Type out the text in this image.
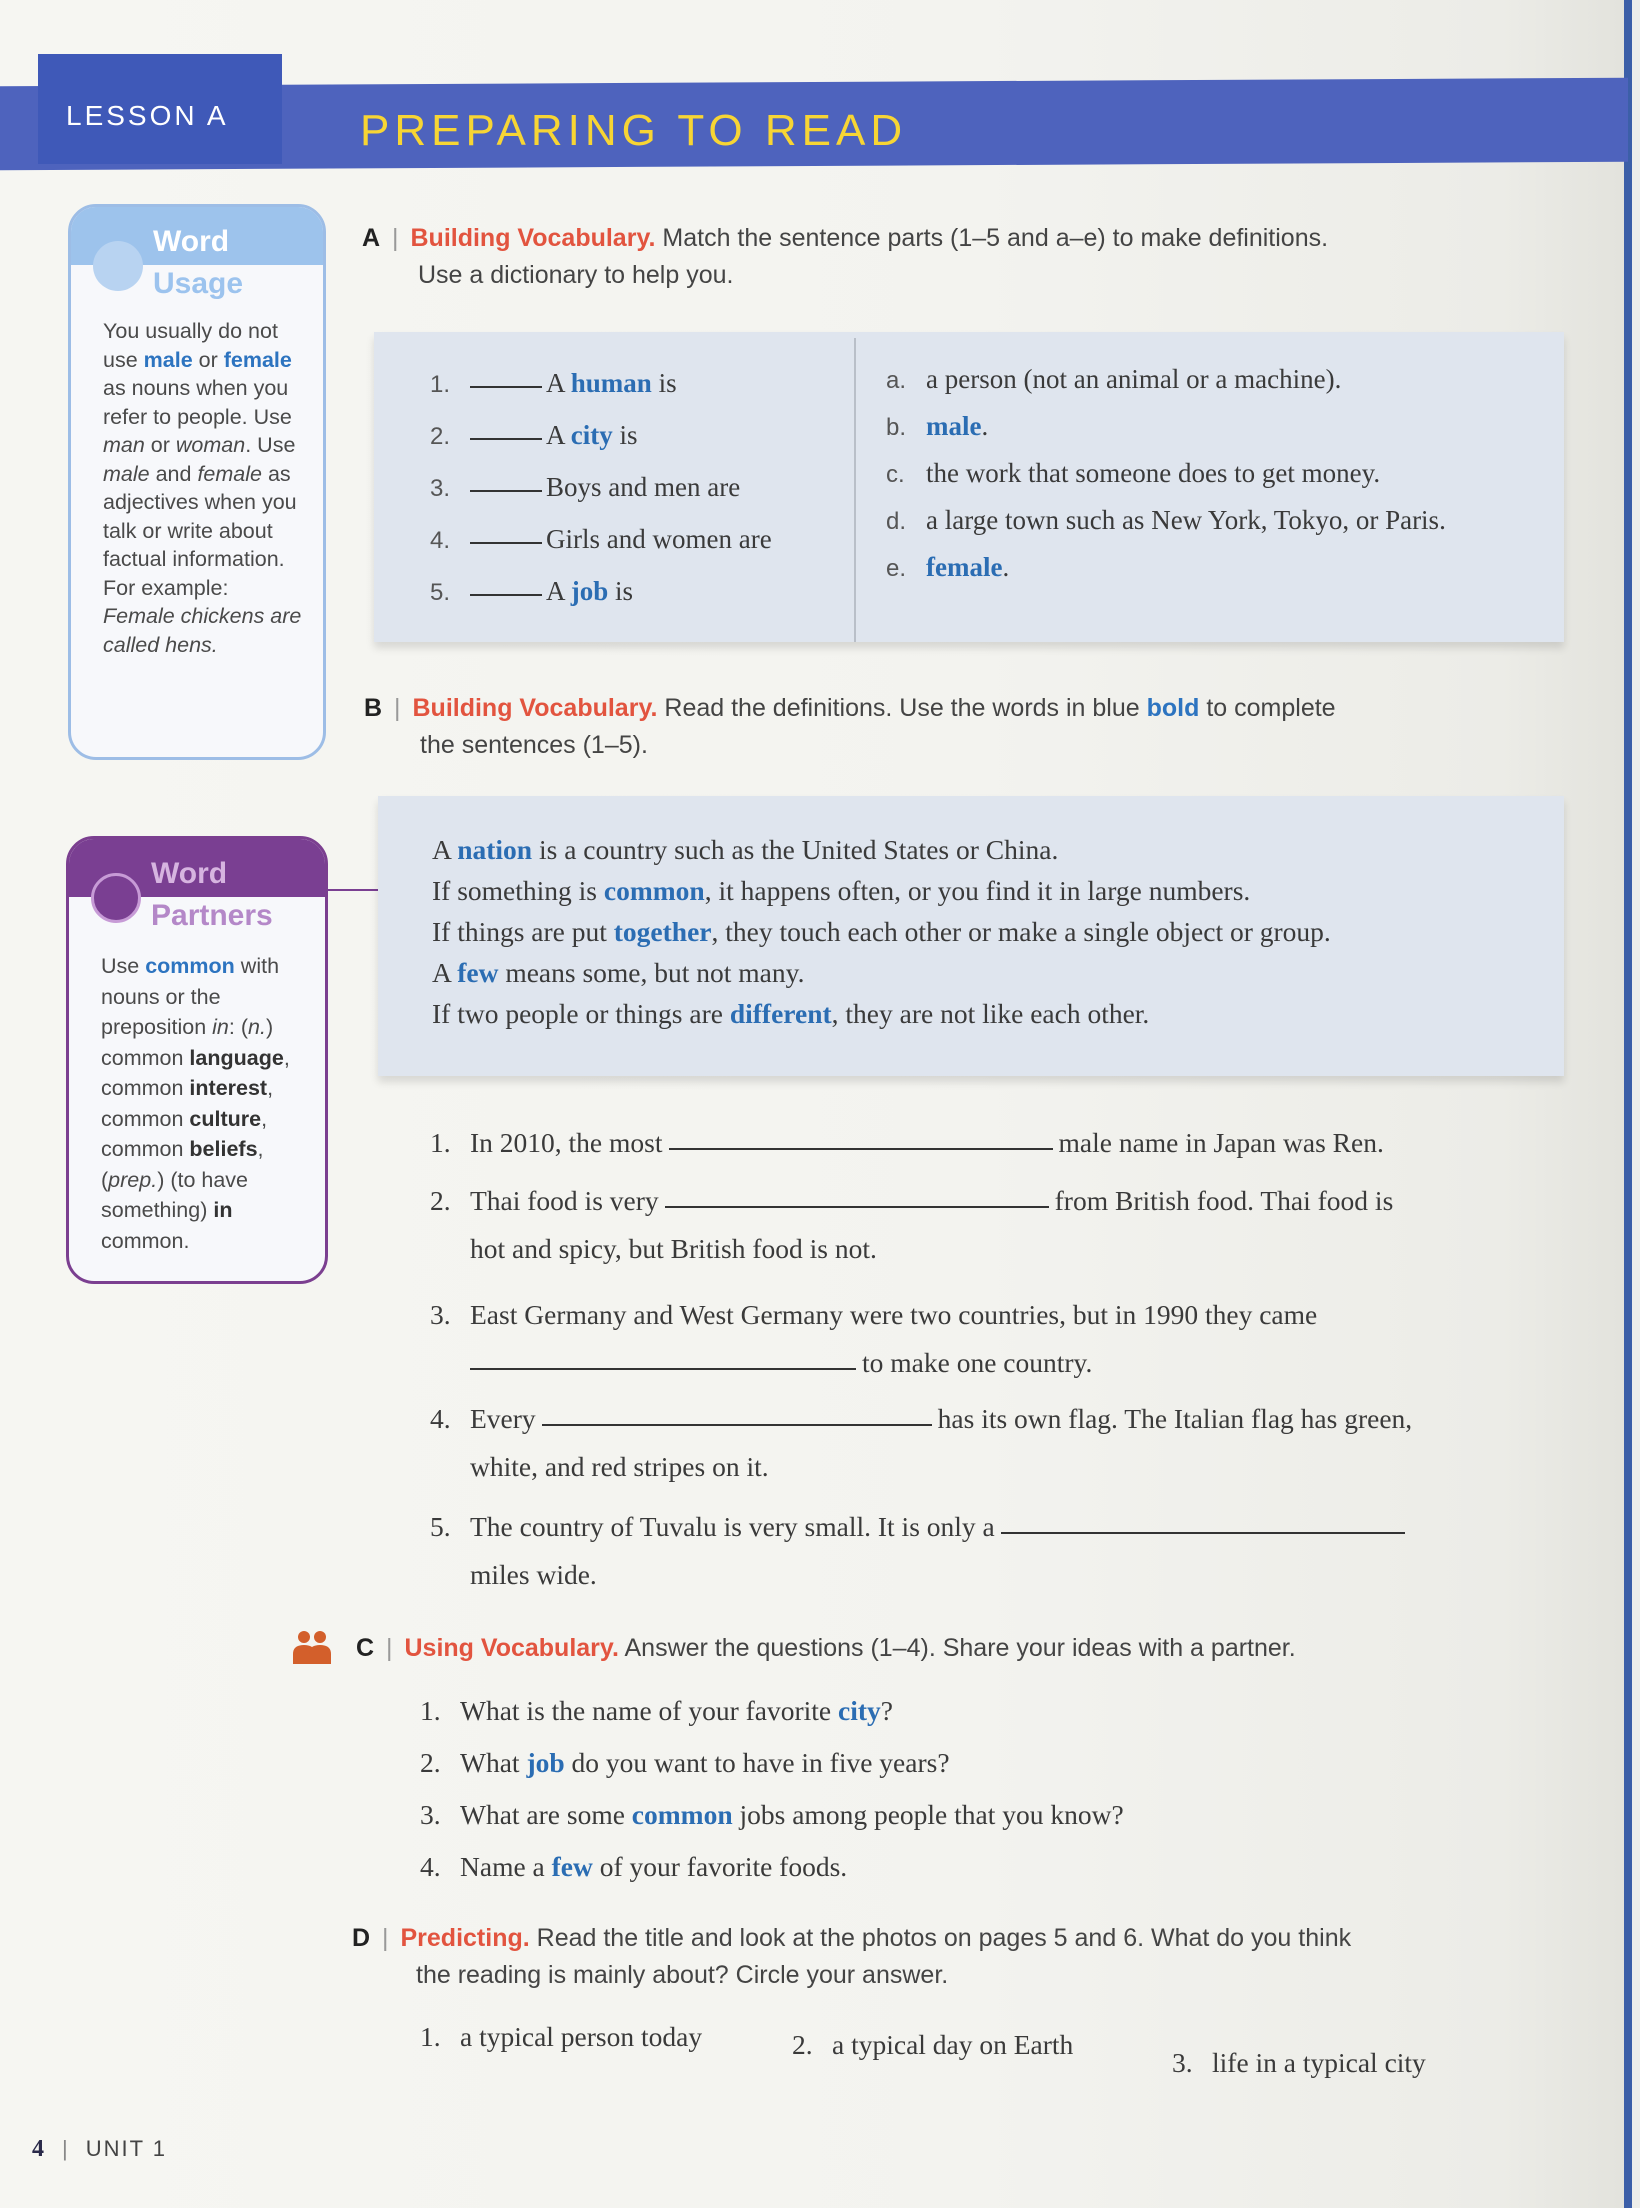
LESSON A	PREPARING TO READ
Word
Usage
You usually do not use male or female as nouns when you refer to people. Use man or woman. Use male and female as adjectives when you talk or write about factual information. For example: Female chickens are called hens.
Word
Partners
Use common with nouns or the preposition in: (n.) common language, common interest, common culture, common beliefs, (prep.) (to have something) in common.
A | Building Vocabulary. Match the sentence parts (1–5 and a–e) to make definitions.
Use a dictionary to help you.
1.	A human is
2.	A city is
3.	Boys and men are
4.	Girls and women are
5.	A job is
a. a person (not an animal or a machine).
b. male.
c. the work that someone does to get money.
d. a large town such as New York, Tokyo, or Paris.
e. female.
B | Building Vocabulary. Read the definitions. Use the words in blue bold to complete
the sentences (1–5).
A nation is a country such as the United States or China.
If something is common, it happens often, or you find it in large numbers.
If things are put together, they touch each other or make a single object or group.
A few means some, but not many.
If two people or things are different, they are not like each other.
1. In 2010, the most	male name in Japan was Ren.
2. Thai food is very	from British food. Thai food is
hot and spicy, but British food is not.
3. East Germany and West Germany were two countries, but in 1990 they came
to make one country.
4. Every	has its own flag. The Italian flag has green,
white, and red stripes on it.
5. The country of Tuvalu is very small. It is only a
miles wide.
C | Using Vocabulary. Answer the questions (1–4). Share your ideas with a partner.
1. What is the name of your favorite city?
2. What job do you want to have in five years?
3. What are some common jobs among people that you know?
4. Name a few of your favorite foods.
D | Predicting. Read the title and look at the photos on pages 5 and 6. What do you think
the reading is mainly about? Circle your answer.
1. a typical person today	2. a typical day on Earth
3. life in a typical city
4 | UNIT 1
